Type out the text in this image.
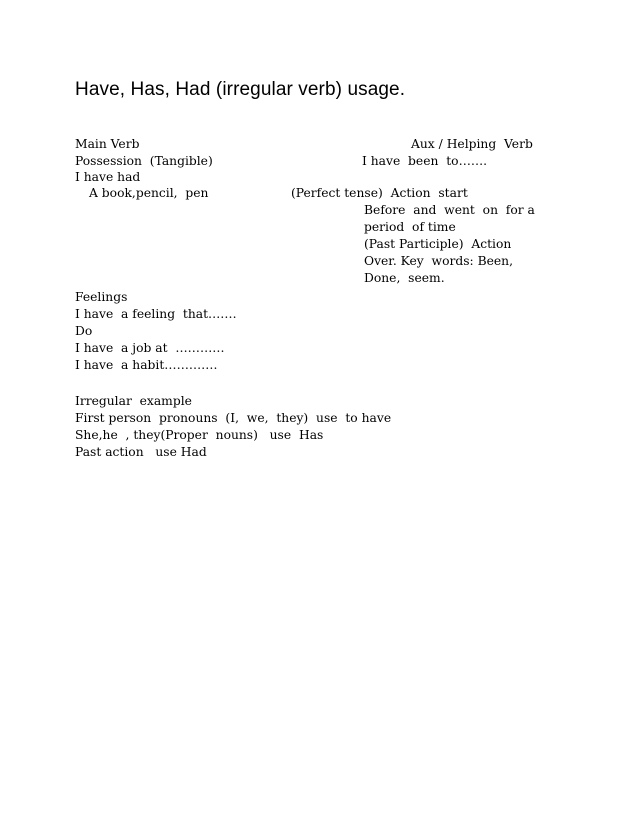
Have, Has, Had (irregular verb) usage.
Main Verb	Aux / Helping  Verb
Possession  (Tangible)	I have  been  to…….
I have had
A book,pencil,  pen	(Perfect tense)  Action  start
Before  and  went  on  for a
period  of time
(Past Participle)  Action
Over. Key  words: Been,
Done,  seem.
Feelings
I have  a feeling  that…….
Do
I have  a job at  …………
I have  a habit………….
Irregular  example
First person  pronouns  (I,  we,  they)  use  to have
She,he  , they(Proper  nouns)   use  Has
Past action   use Had
